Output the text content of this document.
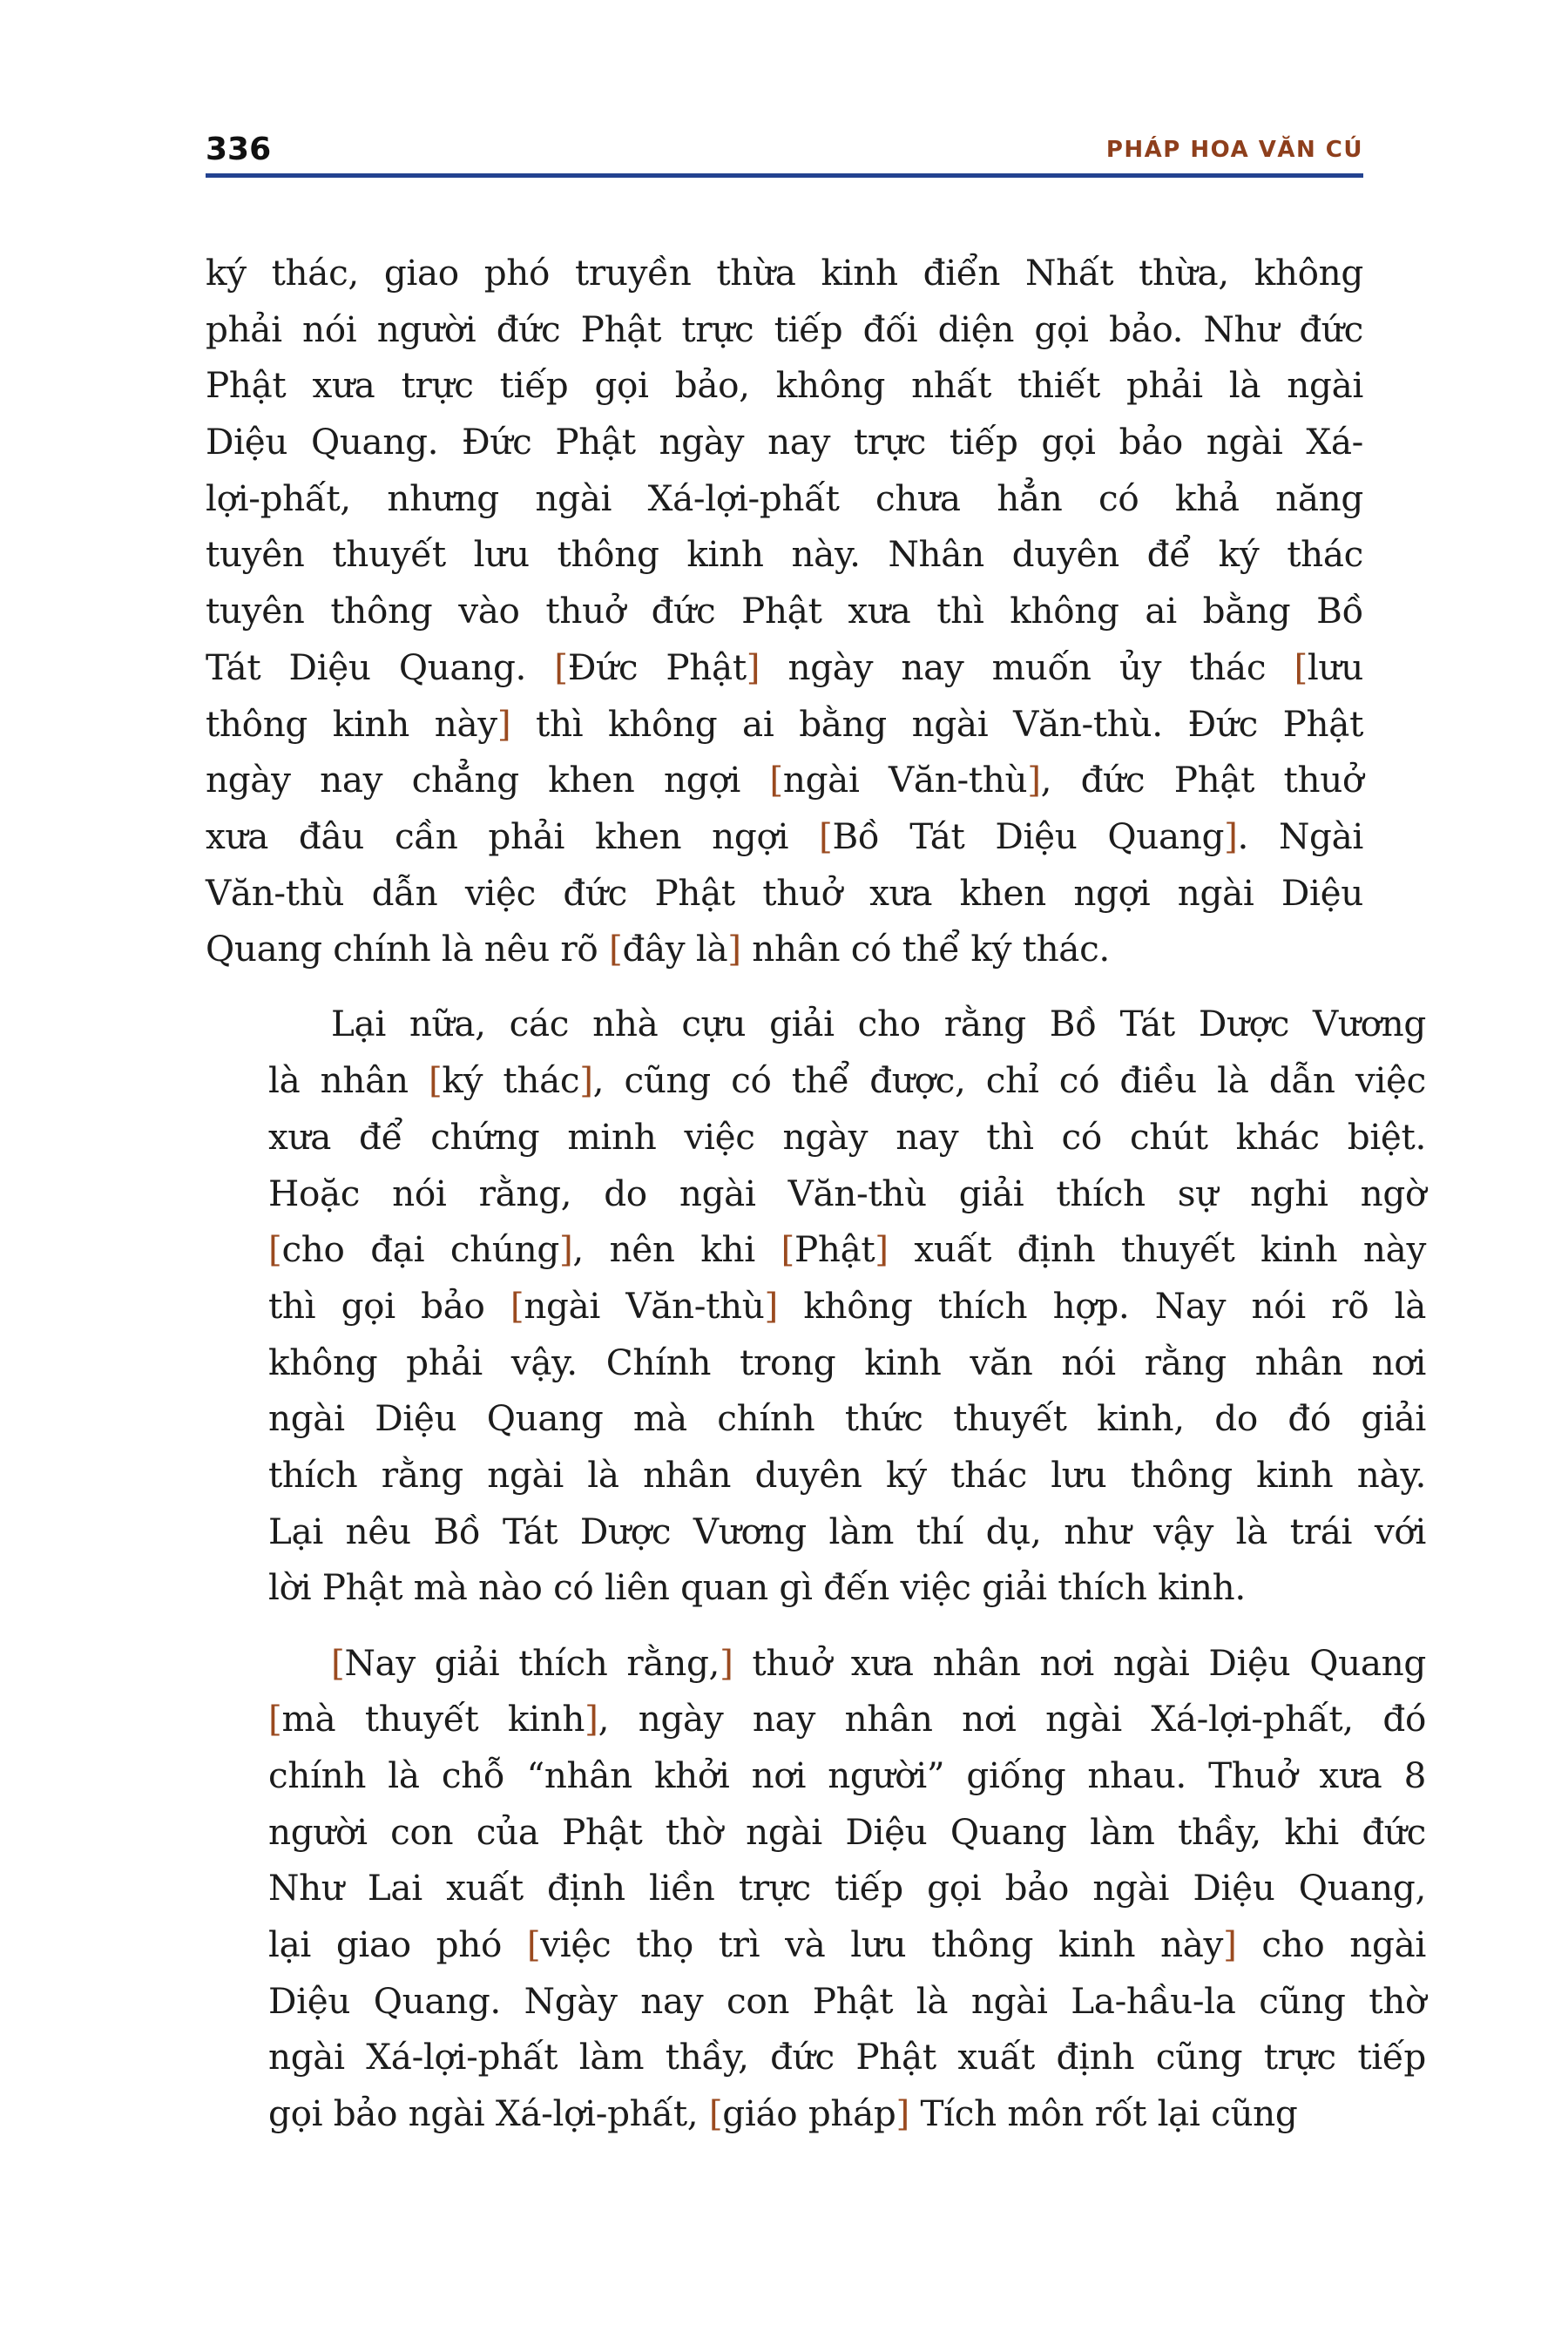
336	PHÁP HOA VĂN CÚ
ký thác, giao phó truyền thừa kinh điển Nhất thừa, không
phải nói người đức Phật trực tiếp đối diện gọi bảo. Như đức
Phật xưa trực tiếp gọi bảo, không nhất thiết phải là ngài
Diệu Quang. Đức Phật ngày nay trực tiếp gọi bảo ngài Xá-
lợi-phất, nhưng ngài Xá-lợi-phất chưa hẳn có khả năng
tuyên thuyết lưu thông kinh này. Nhân duyên để ký thác
tuyên thông vào thuở đức Phật xưa thì không ai bằng Bồ
Tát Diệu Quang. [Đức Phật] ngày nay muốn ủy thác [lưu
thông kinh này] thì không ai bằng ngài Văn-thù. Đức Phật
ngày nay chẳng khen ngợi [ngài Văn-thù], đức Phật thuở
xưa đâu cần phải khen ngợi [Bồ Tát Diệu Quang]. Ngài
Văn-thù dẫn việc đức Phật thuở xưa khen ngợi ngài Diệu
Quang chính là nêu rõ [đây là] nhân có thể ký thác.
Lại nữa, các nhà cựu giải cho rằng Bồ Tát Dược Vương
là nhân [ký thác], cũng có thể được, chỉ có điều là dẫn việc
xưa để chứng minh việc ngày nay thì có chút khác biệt.
Hoặc nói rằng, do ngài Văn-thù giải thích sự nghi ngờ
[cho đại chúng], nên khi [Phật] xuất định thuyết kinh này
thì gọi bảo [ngài Văn-thù] không thích hợp. Nay nói rõ là
không phải vậy. Chính trong kinh văn nói rằng nhân nơi
ngài Diệu Quang mà chính thức thuyết kinh, do đó giải
thích rằng ngài là nhân duyên ký thác lưu thông kinh này.
Lại nêu Bồ Tát Dược Vương làm thí dụ, như vậy là trái với
lời Phật mà nào có liên quan gì đến việc giải thích kinh.
[Nay giải thích rằng,] thuở xưa nhân nơi ngài Diệu Quang
[mà thuyết kinh], ngày nay nhân nơi ngài Xá-lợi-phất, đó
chính là chỗ “nhân khởi nơi người” giống nhau. Thuở xưa 8
người con của Phật thờ ngài Diệu Quang làm thầy, khi đức
Như Lai xuất định liền trực tiếp gọi bảo ngài Diệu Quang,
lại giao phó [việc thọ trì và lưu thông kinh này] cho ngài
Diệu Quang. Ngày nay con Phật là ngài La-hầu-la cũng thờ
ngài Xá-lợi-phất làm thầy, đức Phật xuất định cũng trực tiếp
gọi bảo ngài Xá-lợi-phất, [giáo pháp] Tích môn rốt lại cũng
